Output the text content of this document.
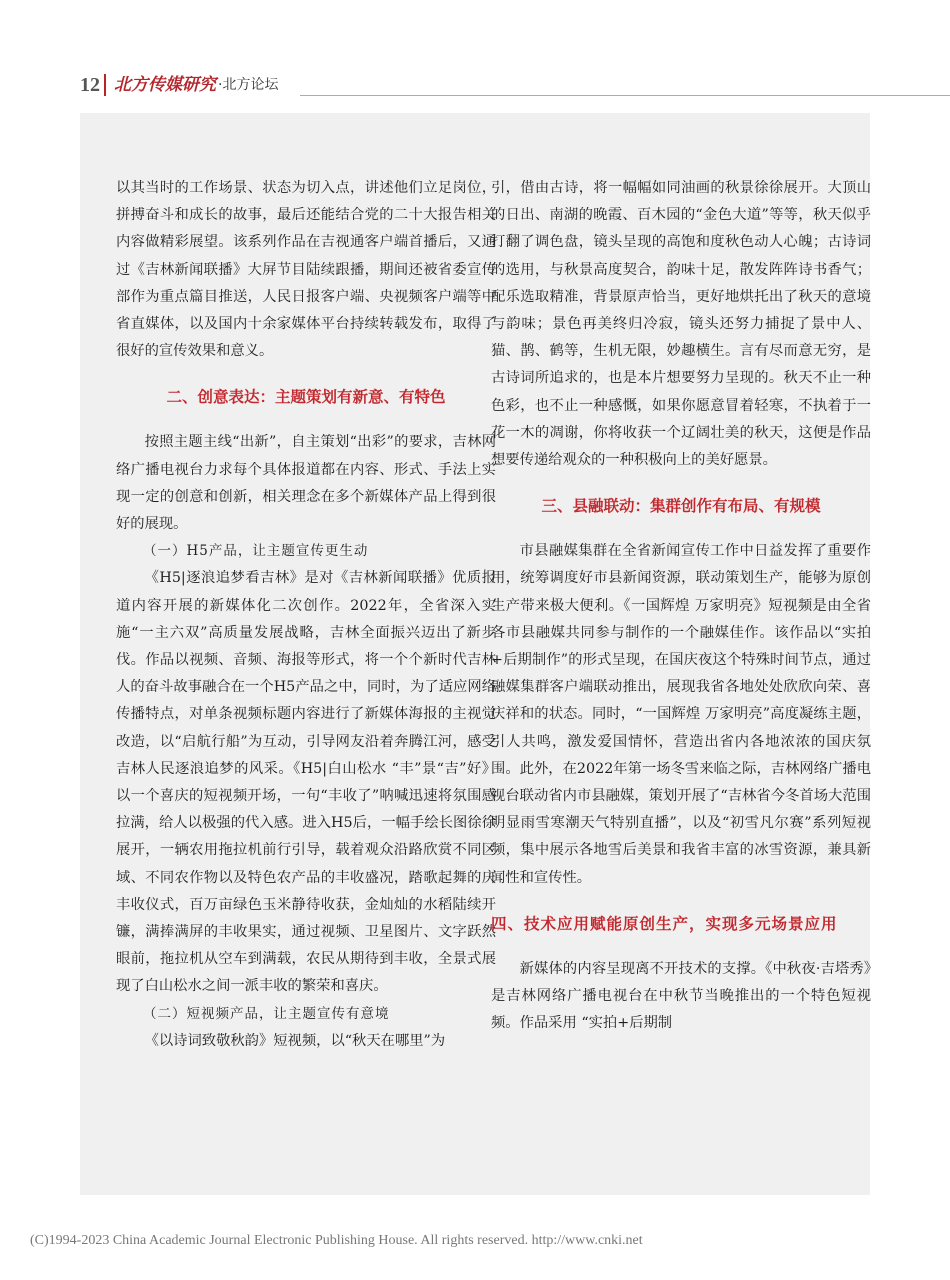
12 北方传媒研究 ·北方论坛

以其当时的工作场景、状态为切入点，讲述他们立足岗位，拼搏奋斗和成长的故事，最后还能结合党的二十大报告相关内容做精彩展望。该系列作品在吉视通客户端首播后，又通过《吉林新闻联播》大屏节目陆续跟播，期间还被省委宣传部作为重点篇目推送，人民日报客户端、央视频客户端等中省直媒体，以及国内十余家媒体平台持续转载发布，取得了很好的宣传效果和意义。

二、创意表达：主题策划有新意、有特色

按照主题主线“出新”，自主策划“出彩”的要求，吉林网络广播电视台力求每个具体报道都在内容、形式、手法上实现一定的创意和创新，相关理念在多个新媒体产品上得到很好的展现。

（一）H5产品，让主题宣传更生动

《H5|逐浪追梦看吉林》是对《吉林新闻联播》优质报道内容开展的新媒体化二次创作。2022年，全省深入实施“一主六双”高质量发展战略，吉林全面振兴迈出了新步伐。作品以视频、音频、海报等形式，将一个个新时代吉林人的奋斗故事融合在一个H5产品之中，同时，为了适应网络传播特点，对单条视频标题内容进行了新媒体海报的主视觉改造，以“启航行船”为互动，引导网友沿着奔腾江河，感受吉林人民逐浪追梦的风采。《H5|白山松水 “丰”景“吉”好》以一个喜庆的短视频开场，一句“丰收了”呐喊迅速将氛围感拉满，给人以极强的代入感。进入H5后，一幅手绘长图徐徐展开，一辆农用拖拉机前行引导，载着观众沿路欣赏不同区域、不同农作物以及特色农产品的丰收盛况，踏歌起舞的庆丰收仪式，百万亩绿色玉米静待收获，金灿灿的水稻陆续开镰，满捧满屏的丰收果实，通过视频、卫星图片、文字跃然眼前，拖拉机从空车到满载，农民从期待到丰收，全景式展现了白山松水之间一派丰收的繁荣和喜庆。

（二）短视频产品，让主题宣传有意境

《以诗词致敬秋韵》短视频，以“秋天在哪里”为

引，借由古诗，将一幅幅如同油画的秋景徐徐展开。大顶山的日出、南湖的晚霞、百木园的“金色大道”等等，秋天似乎打翻了调色盘，镜头呈现的高饱和度秋色动人心魄；古诗词的选用，与秋景高度契合，韵味十足，散发阵阵诗书香气；配乐选取精准，背景原声恰当，更好地烘托出了秋天的意境与韵味；景色再美终归冷寂，镜头还努力捕捉了景中人、猫、鹊、鹤等，生机无限，妙趣横生。言有尽而意无穷，是古诗词所追求的，也是本片想要努力呈现的。秋天不止一种色彩，也不止一种感慨，如果你愿意冒着轻寒，不执着于一花一木的凋谢，你将收获一个辽阔壮美的秋天，这便是作品想要传递给观众的一种积极向上的美好愿景。

三、县融联动：集群创作有布局、有规模

市县融媒集群在全省新闻宣传工作中日益发挥了重要作用，统筹调度好市县新闻资源，联动策划生产，能够为原创生产带来极大便利。《一国辉煌 万家明亮》短视频是由全省各市县融媒共同参与制作的一个融媒佳作。该作品以“实拍+后期制作”的形式呈现，在国庆夜这个特殊时间节点，通过融媒集群客户端联动推出，展现我省各地处处欣欣向荣、喜庆祥和的状态。同时，“一国辉煌 万家明亮”高度凝练主题，引人共鸣，激发爱国情怀，营造出省内各地浓浓的国庆氛围。此外，在2022年第一场冬雪来临之际，吉林网络广播电视台联动省内市县融媒，策划开展了“吉林省今冬首场大范围明显雨雪寒潮天气特别直播”，以及“初雪凡尔赛”系列短视频，集中展示各地雪后美景和我省丰富的冰雪资源，兼具新闻性和宣传性。

四、技术应用赋能原创生产，实现多元场景应用

新媒体的内容呈现离不开技术的支撑。《中秋夜·吉塔秀》是吉林网络广播电视台在中秋节当晚推出的一个特色短视频。作品采用 “实拍+后期制

(C)1994-2023 China Academic Journal Electronic Publishing House. All rights reserved. http://www.cnki.net
